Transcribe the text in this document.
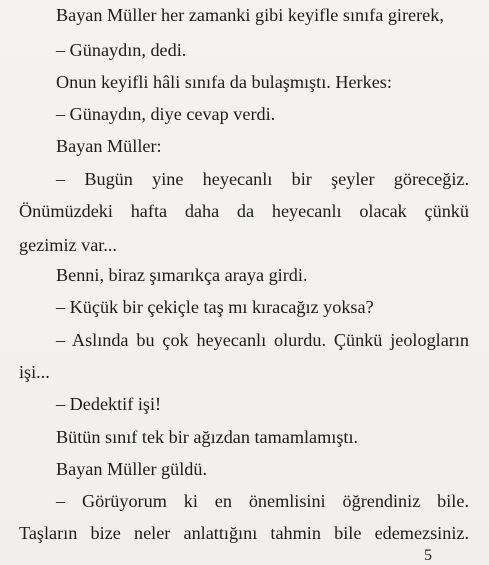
Bayan Müller her zamanki gibi keyifle sınıfa girerek,
– Günaydın, dedi.
Onun keyifli hâli sınıfa da bulaşmıştı. Herkes:
– Günaydın, diye cevap verdi.
Bayan Müller:
– Bugün yine heyecanlı bir şeyler göreceğiz.
Önümüzdeki hafta daha da heyecanlı olacak çünkü
gezimiz var...
Benni, biraz şımarıkça araya girdi.
– Küçük bir çekiçle taş mı kıracağız yoksa?
– Aslında bu çok heyecanlı olurdu. Çünkü jeologların
işi...
– Dedektif işi!
Bütün sınıf tek bir ağızdan tamamlamıştı.
Bayan Müller güldü.
– Görüyorum ki en önemlisini öğrendiniz bile.
Taşların bize neler anlattığını tahmin bile edemezsiniz.
5
